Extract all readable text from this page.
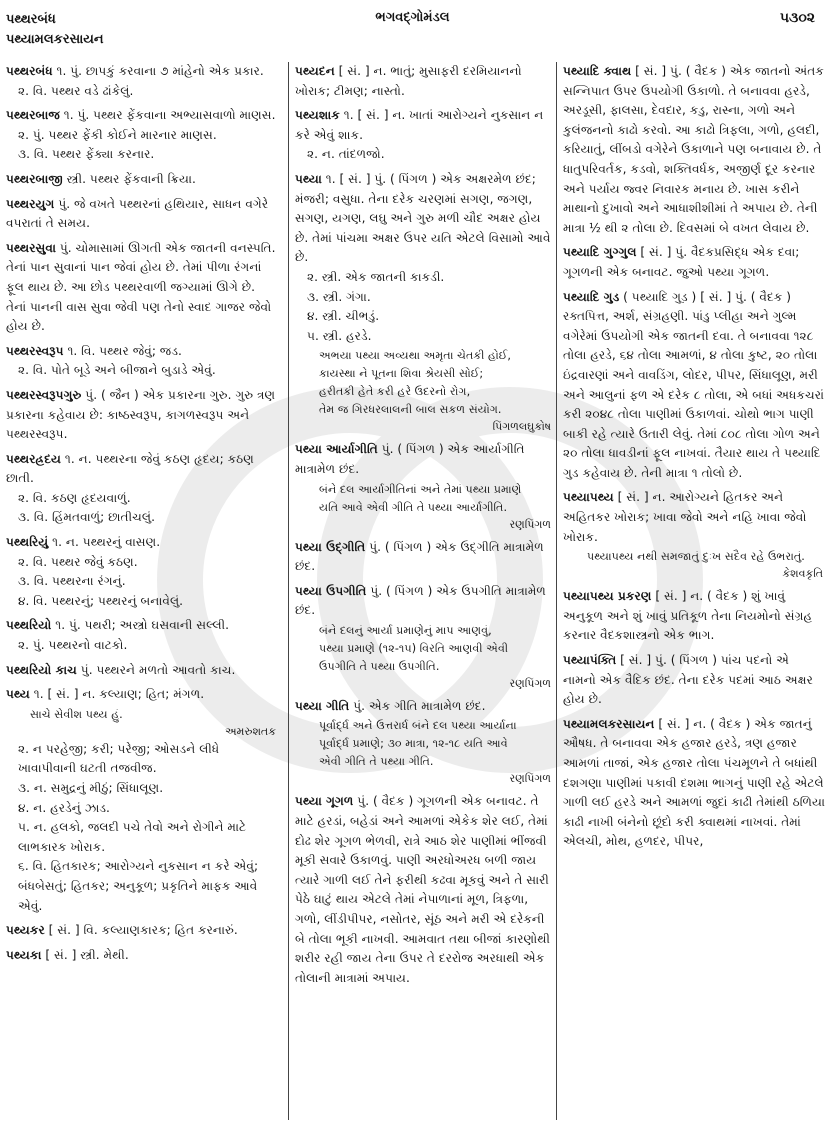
પથ્થરબંધ
પથ્યામલકરસાયન
ભગવદ્ગોમંડલ	૫૩૦૨
પથ્થરબંધ ૧. પું. છાપકું કરવાના ૭ માંહેનો એક પ્રકાર.
૨. વિ. પથ્થર વડે ઢાંકેલું.
પથ્થરબાજ ૧. પું. પથ્થર ફેંકવાના અભ્યાસવાળો માણસ.
૨. પું. પથ્થર ફેંકી કોઈને મારનાર માણસ.
૩. વિ. પથ્થર ફેંક્યા કરનાર.
પથ્થરબાજી સ્ત્રી. પથ્થર ફેંકવાની ક્રિયા.
પથ્થરયુગ પું. જે વખતે પથ્થરનાં હથિયાર, સાધન વગેરે વપરાતાં તે સમય.
પથ્થરસુવા પું. ચોમાસામાં ઊગતી એક જાતની વનસ્પતિ. તેનાં પાન સુવાનાં પાન જેવાં હોય છે. તેમાં પીળા રંગનાં ફૂલ થાય છે. આ છોડ પથ્થરવાળી જગ્યામાં ઊગે છે. તેનાં પાનની વાસ સુવા જેવી પણ તેનો સ્વાદ ગાજર જેવો હોય છે.
પથ્થરસ્વરૂપ ૧. વિ. પથ્થર જેવું; જડ.
૨. વિ. પોતે બૂડે અને બીજાને બુડાડે એવું.
પથ્થરસ્વરૂપગુરુ પું. ( જૈન ) એક પ્રકારના ગુરુ. ગુરુ ત્રણ પ્રકારના કહેવાય છે: કાષ્ઠસ્વરૂપ, કાગળસ્વરૂપ અને પથ્થરસ્વરૂપ.
પથ્થરહ્રદય ૧. ન. પથ્થરના જેવું કઠણ હૃદય; કઠણ છાતી.
૨. વિ. કઠણ હૃદયવાળું.
૩. વિ. હિંમતવાળું; છાતીચલું.
પથ્થરિયું ૧. ન. પથ્થરનું વાસણ.
૨. વિ. પથ્થર જેવું કઠણ.
૩. વિ. પથ્થરના રંગનું.
૪. વિ. પથ્થરનું; પથ્થરનું બનાવેલું.
પથ્થરિયો ૧. પું. પથરી; અસ્ત્રો ઘસવાની સલ્લી.
૨. પું. પથ્થરનો વાટકો.
પથ્થરિયો કાચ પું. પથ્થરને મળતો આવતો કાચ.
પથ્ય ૧. [ સં. ] ન. કલ્યાણ; હિત; મંગળ.
સાચે સેવીશ પથ્ય હું.
અમરુશતક
૨. ન પરહેજી; કરી; પરેજી; ઓસડને લીધે ખાવાપીવાની ઘટતી તજવીજ.
૩. ન. સમુદ્રનું મીઠું; સિંધાલૂણ.
૪. ન. હરડેનું ઝાડ.
૫. ન. હલકો, જલદી પચે તેવો અને રોગીને માટે લાભકારક ખોરાક.
૬. વિ. હિતકારક; આરોગ્યને નુકસાન ન કરે એવું; બંધબેસતું; હિતકર; અનુકૂળ; પ્રકૃતિને માફક આવે એવું.
પથ્યકર [ સં. ] વિ. કલ્યાણકારક; હિત કરનારું.
પથ્યકા [ સં. ] સ્ત્રી. મેથી.
પથ્યદન [ સં. ] ન. ભાતું; મુસાફરી દરમિયાનનો ખોરાક; ટીમણ; નાસ્તો.
પથ્યશાક ૧. [ સં. ] ન. ખાતાં આરોગ્યને નુકસાન ન કરે એવું શાક.
૨. ન. તાંદળજો.
પથ્યા ૧. [ સં. ] પું. ( પિંગળ ) એક અક્ષરમેળ છંદ; મંજરી; વસુધા. તેના દરેક ચરણમાં સગણ, જગણ, સગણ, યગણ, લઘુ અને ગુરુ મળી ચૌદ અક્ષર હોય છે. તેમાં પાંચમા અક્ષર ઉપર યતિ એટલે વિસામો આવે છે.
૨. સ્ત્રી. એક જાતની કાકડી.
૩. સ્ત્રી. ગંગા.
૪. સ્ત્રી. ચીભડું.
૫. સ્ત્રી. હરડે.
અભયા પથ્યા અવ્યથા અમૃતા ચેતકી હોઈ,
કાયસ્થા ને પૂતના શિવા શ્રેયસી સોઈ;
હરીતકી હેતે કરી હરે ઉદરનો રોગ,
તેમ જ ગિરધરલાલની બાલ સકળ સંયોગ.
પિંગળલઘુકોષ
પથ્યા આર્યાગીતિ પું. ( પિંગળ ) એક આર્યાગીતિ માત્રામેળ છંદ.
બંને દલ આર્યાગીતિનાં અને તેમાં પથ્યા પ્રમાણે
યતિ આવે એવી ગીતિ તે પથ્યા આર્યાગીતિ.
રણપિંગળ
પથ્યા ઉદ્ગીતિ પું. ( પિંગળ ) એક ઉદ્ગીતિ માત્રામેળ છંદ.
પથ્યા ઉપગીતિ પું. ( પિંગળ ) એક ઉપગીતિ માત્રામેળ છંદ.
બંને દલનું આર્યા પ્રમાણેનું માપ આણવું,
પથ્યા પ્રમાણે (૧૨-૧૫) વિરતિ આણવી એવી
ઉપગીતિ તે પથ્યા ઉપગીતિ.
રણપિંગળ
પથ્યા ગીતિ પું. એક ગીતિ માત્રામેળ છંદ.
પૂર્વાર્દ્ધ અને ઉત્તરાર્ધ બંને દલ પથ્યા આર્યાના
પૂર્વાર્દ્ધ પ્રમાણે; ૩૦ માત્રા, ૧૨-૧૮ યતિ આવે
એવી ગીતિ તે પથ્યા ગીતિ.
રણપિંગળ
પથ્યા ગૂગળ પું. ( વૈદક ) ગૂગળની એક બનાવટ. તે માટે હરડાં, બહેડાં અને આમળાં એકેક શેર લઈ, તેમાં દોઢ શેર ગૂગળ ભેળવી, રાત્રે આઠ શેર પાણીમાં ભીંજવી મૂકી સવારે ઉકાળવું. પાણી અરધોઅરધ બળી જાય ત્યારે ગાળી લઈ તેને ફરીથી કઢવા મૂકવું અને તે સારી પેઠે ઘાટું થાય એટલે તેમાં નેપાળાનાં મૂળ, ત્રિફળા, ગળો, લીંડીપીપર, નસોતર, સૂંઠ અને મરી એ દરેકની બે તોલા ભૂકી નાખવી. આમવાત તથા બીજાં કારણોથી શરીર રહી જાય તેના ઉપર તે દરરોજ અરધાથી એક તોલાની માત્રામાં અપાય.
પથ્યાદિ ક્વાથ [ સં. ] પું. ( વૈદક ) એક જાતનો અંતક સન્નિપાત ઉપર ઉપયોગી ઉકાળો. તે બનાવવા હરડે, અરડૂસી, ફાલસા, દેવદાર, કડુ, રાસ્ના, ગળો અને કુલંજનનો કાઢો કરવો. આ કાઢો ત્રિફલા, ગળો, હલદી, કરિયાતું, લીંબડો વગેરેને ઉકાળાને પણ બનાવાય છે. તે ધાતુપરિવર્તક, કડવો, શક્તિવર્ધક, અજીર્ણ દૂર કરનાર અને પર્યાય જ્વર નિવારક મનાય છે. ખાસ કરીને માથાનો દુખાવો અને આધાશીશીમાં તે અપાય છે. તેની માત્રા ½ થી ૨ તોલા છે. દિવસમાં બે વખત લેવાય છે.
પથ્યાદિ ગુગ્ગુલ [ સં. ] પું. વૈદકપ્રસિદ્ધ એક દવા; ગૂગળની એક બનાવટ. જુઓ પથ્યા ગૂગળ.
પથ્યાદિ ગુડ ( પથ્યાદિ ગુડ઼ ) [ સં. ] પું. ( વૈદક ) રક્તપિત્ત, અર્શ, સંગ્રહણી. પાંડુ પ્લીહા અને ગુલ્મ વગેરેમાં ઉપયોગી એક જાતની દવા. તે બનાવવા ૧૨૮ તોલા હરડે, ૬૪ તોલા આમળાં, ૪ તોલા કુષ્ટ, ૨૦ તોલા ઇંદ્રવારણાં અને વાવડિંગ, લોદર, પીપર, સિંધાલૂણ, મરી અને આલુનાં ફળ એ દરેક ૮ તોલા, એ બધાં અધકચરાં કરી ૨૦૪૮ તોલા પાણીમાં ઉકાળવાં. ચોથો ભાગ પાણી બાકી રહે ત્યારે ઉતારી લેવું. તેમાં ૮૦૮ તોલા ગોળ અને ૨૦ તોલા ધાવડીનાં ફૂલ નાખવાં. તૈયાર થાય તે પથ્યાદિ ગુડ કહેવાય છે. તેની માત્રા ૧ તોલો છે.
પથ્યાપથ્ય [ સં. ] ન. આરોગ્યને હિતકર અને અહિતકર ખોરાક; ખાવા જેવો અને નહિ ખાવા જેવો ખોરાક.
પથ્યાપથ્ય નથી સમજાતું દુઃખ સદૈવ રહે ઉભરાતું.
કેશવકૃતિ
પથ્યાપથ્ય પ્રકરણ [ સં. ] ન. ( વૈદક ) શું ખાવું અનુકૂળ અને શું ખાવું પ્રતિકૂળ તેના નિયમોનો સંગ્રહ કરનાર વૈદકશાસ્ત્રનો એક ભાગ.
પથ્યાપંક્તિ [ સં. ] પું. ( પિંગળ ) પાંચ પદનો એ નામનો એક વૈદિક છંદ. તેના દરેક પદમાં આઠ અક્ષર હોય છે.
પથ્યામલકરસાયન [ સં. ] ન. ( વૈદક ) એક જાતનું ઔષધ. તે બનાવવા એક હજાર હરડે, ત્રણ હજાર આમળાં તાજાં, એક હજાર તોલા પંચમૂળને તે બધાંથી દશગણા પાણીમાં પકાવી દશમા ભાગનું પાણી રહે એટલે ગાળી લઈ હરડે અને આમળાં જુદાં કાઢી તેમાંથી ઠળિયા કાઢી નાખી બંનેનો છૂંદો કરી ક્વાથમાં નાખવાં. તેમાં એલચી, મોથ, હળદર, પીપર,
